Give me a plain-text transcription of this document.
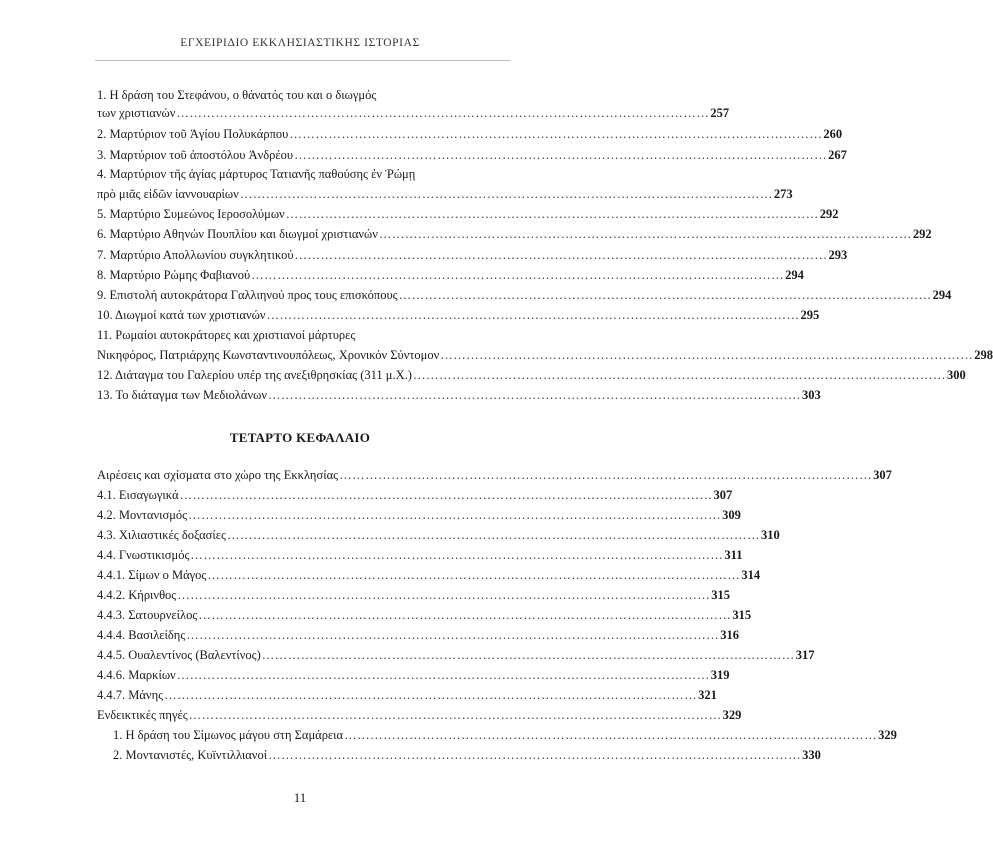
ΕΓΧΕΙΡΙΔΙΟ ΕΚΚΛΗΣΙΑΣΤΙΚΗΣ ΙΣΤΟΡΙΑΣ
1. Η δράση του Στεφάνου, ο θάνατός του και ο διωγμός
των χριστιανών …………………………………………………………………………………………………………… 257
2. Μαρτύριον τοῦ Ἁγίου Πολυκάρπου …………………………………………………………………………………………………………… 260
3. Μαρτύριον τοῦ ἀποστόλου Ἀνδρέου …………………………………………………………………………………………………………… 267
4. Μαρτύριον τῆς ἁγίας μάρτυρος Τατιανῆς παθούσης ἐν Ῥώμῃ
πρὸ μιᾶς εἰδῶν ἰαννουαρίων …………………………………………………………………………………………………………… 273
5. Μαρτύριο Συμεώνος Ιεροσολύμων …………………………………………………………………………………………………………… 292
6. Μαρτύριο Αθηνών Πουπλίου και διωγμοί χριστιανών …………………………………………………………………………………………………………… 292
7. Μαρτύριο Απολλωνίου συγκλητικού …………………………………………………………………………………………………………… 293
8. Μαρτύριο Ρώμης Φαβιανού …………………………………………………………………………………………………………… 294
9. Επιστολή αυτοκράτορα Γαλλιηνού προς τους επισκόπους …………………………………………………………………………………………………………… 294
10. Διωγμοί κατά των χριστιανών …………………………………………………………………………………………………………… 295
11. Ρωμαίοι αυτοκράτορες και χριστιανοί μάρτυρες
Νικηφόρος, Πατριάρχης Κωνσταντινουπόλεως, Χρονικόν Σύντομον …………………………………………………………………………………………………………… 298
12. Διάταγμα του Γαλερίου υπέρ της ανεξιθρησκίας (311 μ.Χ.) …………………………………………………………………………………………………………… 300
13. Το διάταγμα των Μεδιολάνων …………………………………………………………………………………………………………… 303
ΤΕΤΑΡΤΟ ΚΕΦΑΛΑΙΟ
Αιρέσεις και σχίσματα στο χώρο της Εκκλησίας …………………………………………………………………………………………………………… 307
4.1. Εισαγωγικά …………………………………………………………………………………………………………… 307
4.2. Μοντανισμός …………………………………………………………………………………………………………… 309
4.3. Χιλιαστικές δοξασίες …………………………………………………………………………………………………………… 310
4.4. Γνωστικισμός …………………………………………………………………………………………………………… 311
4.4.1. Σίμων ο Μάγος …………………………………………………………………………………………………………… 314
4.4.2. Κήρινθος …………………………………………………………………………………………………………… 315
4.4.3. Σατουρνείλος …………………………………………………………………………………………………………… 315
4.4.4. Βασιλείδης …………………………………………………………………………………………………………… 316
4.4.5. Ουαλεντίνος (Βαλεντίνος) …………………………………………………………………………………………………………… 317
4.4.6. Μαρκίων …………………………………………………………………………………………………………… 319
4.4.7. Μάνης …………………………………………………………………………………………………………… 321
Ενδεικτικές πηγές …………………………………………………………………………………………………………… 329
1. Η δράση του Σίμωνος μάγου στη Σαμάρεια …………………………………………………………………………………………………………… 329
2. Μοντανιστές, Κυϊντιλλιανοί …………………………………………………………………………………………………………… 330
11
